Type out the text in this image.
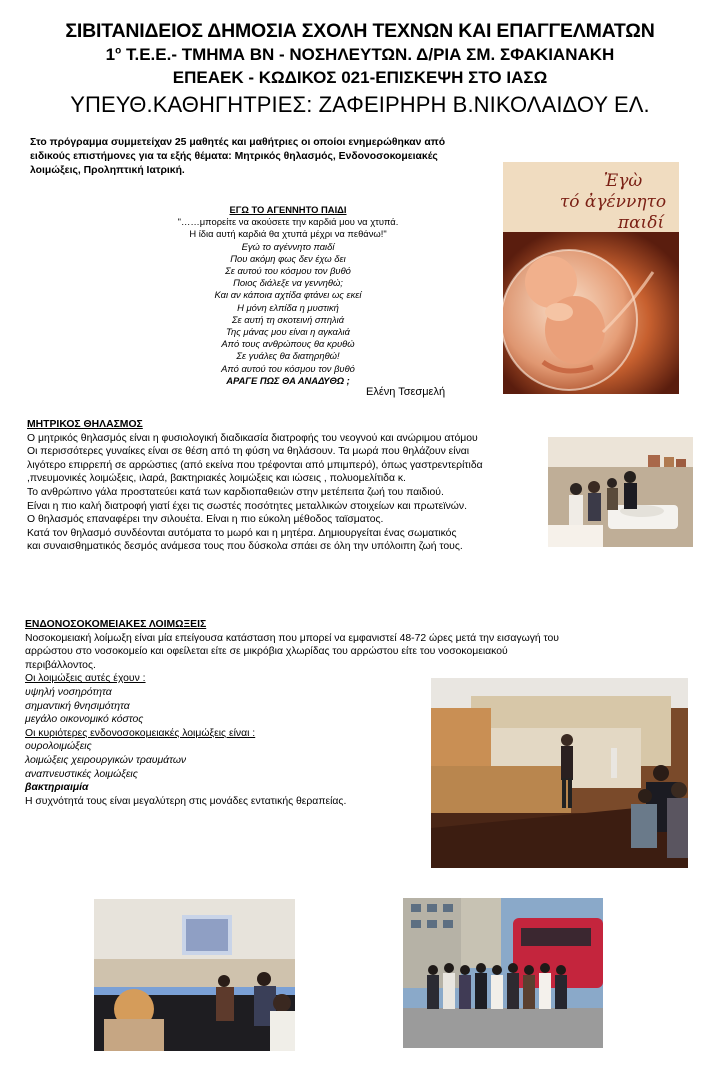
ΣΙΒΙΤΑΝΙΔΕΙΟΣ ΔΗΜΟΣΙΑ ΣΧΟΛΗ ΤΕΧΝΩΝ ΚΑΙ ΕΠΑΓΓΕΛΜΑΤΩΝ
$1^o$ Τ.Ε.Ε.- ΤΜΗΜΑ ΒΝ - ΝΟΣΗΛΕΥΤΩΝ. Δ/ΡΙΑ ΣΜ. ΣΦΑΚΙΑΝΑΚΗ
ΕΠΕΑΕΚ - ΚΩΔΙΚΟΣ 021-ΕΠΙΣΚΕΨΗ ΣΤΟ ΙΑΣΩ
ΥΠΕΥΘ.ΚΑΘΗΓΗΤΡΙΕΣ: ΖΑΦΕΙΡΗΡΗ Β.ΝΙΚΟΛΑΙΔΟΥ ΕΛ.
Στο πρόγραμμα συμμετείχαν 25 μαθητές και μαθήτριες οι οποίοι ενημερώθηκαν από
ειδικούς επιστήμονες για τα εξής θέματα: Μητρικός θηλασμός, Ενδονοσοκομειακές
λοιμώξεις, Προληπτική Ιατρική.
ΕΓΩ ΤΟ ΑΓΕΝΝΗΤΟ ΠΑΙΔΙ
"……μπορείτε να ακούσετε την καρδιά μου να χτυπά.
Η ίδια αυτή καρδιά θα χτυπά μέχρι να πεθάνω!"
Εγώ το αγέννητο παιδί
Που ακόμη φως δεν έχω δει
Σε αυτού του κόσμου τον βυθό
Ποιος διάλεξε να γεννηθώ;
Και αν κάποια αχτίδα φτάνει ως εκεί
Η μόνη ελπίδα η μυστική
Σε αυτή τη σκοτεινή σπηλιά
Της μάνας μου είναι η αγκαλιά
Από τους ανθρώπους θα κρυθώ
Σε γυάλες θα διατηρηθώ!
Από αυτού του κόσμου τον βυθό
ΑΡΑΓΕ ΠΩΣ ΘΑ ΑΝΑΔΥΘΩ ;
Ελένη Τσεσμελή
Ἐγὼ
τό ἀγέννητο
παιδί
ΜΗΤΡΙΚΟΣ ΘΗΛΑΣΜΟΣ
Ο μητρικός θηλασμός είναι η φυσιολογική διαδικασία διατροφής του νεογνού και ανώριμου ατόμου
Οι περισσότερες γυναίκες είναι σε θέση από τη φύση να θηλάσουν. Τα μωρά που θηλάζουν είναι
λιγότερο επιρρεπή σε αρρώστιες (από εκείνα που τρέφονται από μπιμπερό), όπως γαστρεντερίτιδα
,πνευμονικές λοιμώξεις, ιλαρά, βακτηριακές λοιμώξεις και ιώσεις , πολυομελίτιδα κ.
Το ανθρώπινο γάλα προστατεύει κατά των καρδιοπαθειών στην μετέπειτα ζωή του παιδιού.
Είναι η πιο καλή διατροφή γιατί έχει τις σωστές ποσότητες μεταλλικών στοιχείων και πρωτεϊνών.
Ο θηλασμός επαναφέρει την σιλουέτα. Είναι η πιο εύκολη μέθοδος ταϊσματος.
Κατά τον θηλασμό συνδέονται αυτόματα το μωρό και η μητέρα. Δημιουργείται ένας σωματικός
και συναισθηματικός δεσμός ανάμεσα τους που δύσκολα σπάει σε όλη την υπόλοιπη ζωή τους.
ΕΝΔΟΝΟΣΟΚΟΜΕΙΑΚΕΣ ΛΟΙΜΩΞΕΙΣ
Νοσοκομειακή λοίμωξη είναι μία επείγουσα κατάσταση που μπορεί να εμφανιστεί 48-72 ώρες μετά την εισαγωγή του
αρρώστου στο νοσοκομείο και οφείλεται είτε σε μικρόβια χλωρίδας του αρρώστου είτε του νοσοκομειακού
περιβάλλοντος.
Οι λοιμώξεις αυτές έχουν :
υψηλή νοσηρότητα
σημαντική θνησιμότητα
μεγάλο οικονομικό κόστος
Οι κυριότερες ενδονοσοκομειακές λοιμώξεις είναι :
ουρολοιμώξεις
λοιμώξεις χειρουργικών τραυμάτων
αναπνευστικές λοιμώξεις
βακτηριαιμία
Η συχνότητά τους είναι μεγαλύτερη στις μονάδες εντατικής θεραπείας.
